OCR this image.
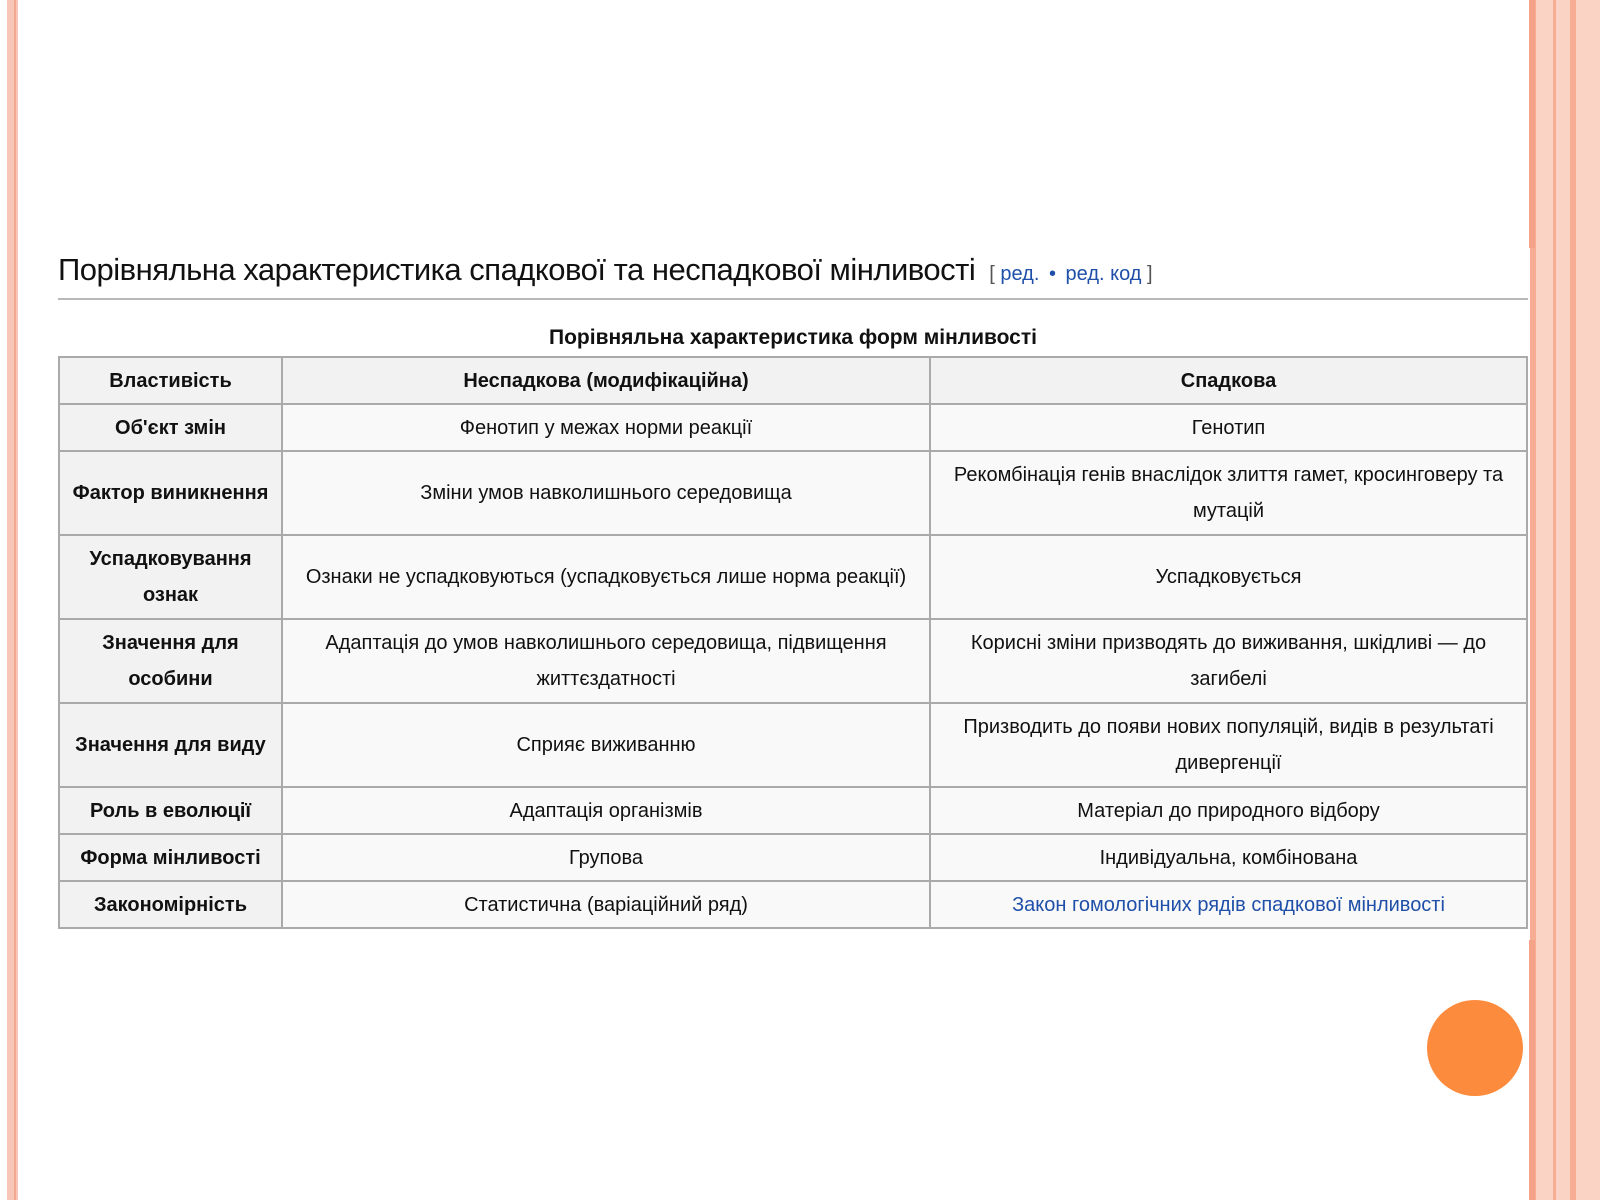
Порівняльна характеристика спадкової та неспадкової мінливості [ ред. • ред. код ]
Порівняльна характеристика форм мінливості
Властивість	Неспадкова (модифікаційна)	Спадкова
Об'єкт змін	Фенотип у межах норми реакції	Генотип
Фактор виникнення	Зміни умов навколишнього середовища	Рекомбінація генів внаслідок злиття гамет, кросинговеру та мутацій
Успадковування ознак	Ознаки не успадковуються (успадковується лише норма реакції)	Успадковується
Значення для особини	Адаптація до умов навколишнього середовища, підвищення життєздатності	Корисні зміни призводять до виживання, шкідливі — до загибелі
Значення для виду	Сприяє виживанню	Призводить до появи нових популяцій, видів в результаті дивергенції
Роль в еволюції	Адаптація організмів	Матеріал до природного відбору
Форма мінливості	Групова	Індивідуальна, комбінована
Закономірність	Статистична (варіаційний ряд)	Закон гомологічних рядів спадкової мінливості
